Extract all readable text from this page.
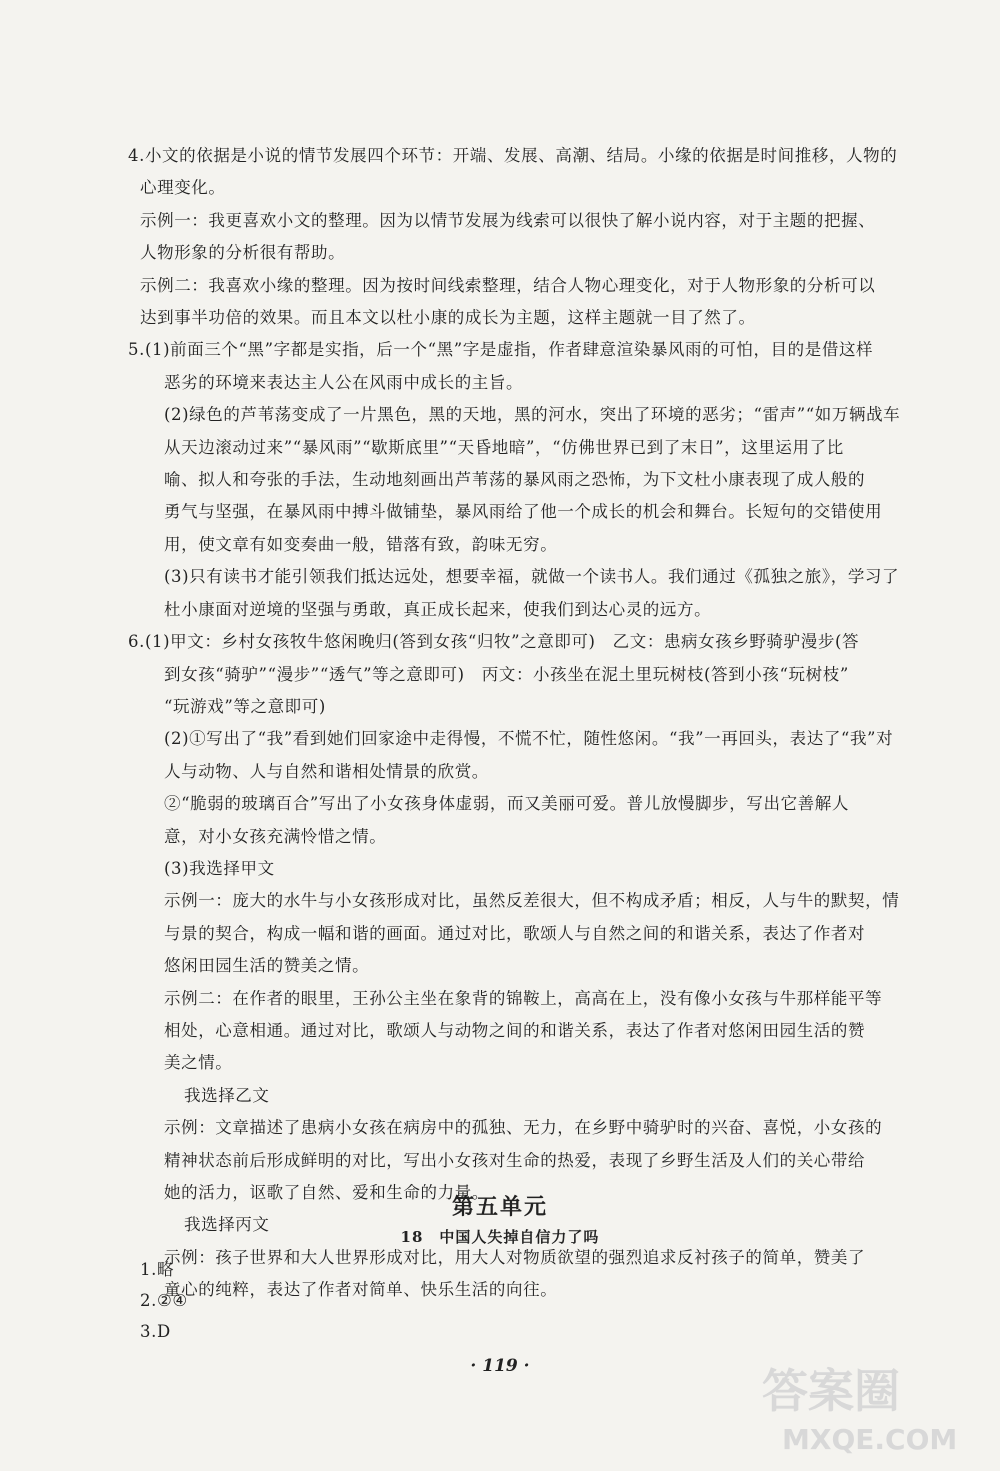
4.小文的依据是小说的情节发展四个环节：开端、发展、高潮、结局。小缘的依据是时间推移，人物的
心理变化。
示例一：我更喜欢小文的整理。因为以情节发展为线索可以很快了解小说内容，对于主题的把握、
人物形象的分析很有帮助。
示例二：我喜欢小缘的整理。因为按时间线索整理，结合人物心理变化，对于人物形象的分析可以
达到事半功倍的效果。而且本文以杜小康的成长为主题，这样主题就一目了然了。
5.(1)前面三个“黑”字都是实指，后一个“黑”字是虚指，作者肆意渲染暴风雨的可怕，目的是借这样
恶劣的环境来表达主人公在风雨中成长的主旨。
(2)绿色的芦苇荡变成了一片黑色，黑的天地，黑的河水，突出了环境的恶劣；“雷声”“如万辆战车
从天边滚动过来”“暴风雨”“歇斯底里”“天昏地暗”，“仿佛世界已到了末日”，这里运用了比
喻、拟人和夸张的手法，生动地刻画出芦苇荡的暴风雨之恐怖，为下文杜小康表现了成人般的
勇气与坚强，在暴风雨中搏斗做铺垫，暴风雨给了他一个成长的机会和舞台。长短句的交错使用
用，使文章有如变奏曲一般，错落有致，韵味无穷。
(3)只有读书才能引领我们抵达远处，想要幸福，就做一个读书人。我们通过《孤独之旅》，学习了
杜小康面对逆境的坚强与勇敢，真正成长起来，使我们到达心灵的远方。
6.(1)甲文：乡村女孩牧牛悠闲晚归(答到女孩“归牧”之意即可)　乙文：患病女孩乡野骑驴漫步(答
到女孩“骑驴”“漫步”“透气”等之意即可)　丙文：小孩坐在泥土里玩树枝(答到小孩“玩树枝”
“玩游戏”等之意即可)
(2)①写出了“我”看到她们回家途中走得慢，不慌不忙，随性悠闲。“我”一再回头，表达了“我”对
人与动物、人与自然和谐相处情景的欣赏。
②“脆弱的玻璃百合”写出了小女孩身体虚弱，而又美丽可爱。普儿放慢脚步，写出它善解人
意，对小女孩充满怜惜之情。
(3)我选择甲文
示例一：庞大的水牛与小女孩形成对比，虽然反差很大，但不构成矛盾；相反，人与牛的默契，情
与景的契合，构成一幅和谐的画面。通过对比，歌颂人与自然之间的和谐关系，表达了作者对
悠闲田园生活的赞美之情。
示例二：在作者的眼里，王孙公主坐在象背的锦鞍上，高高在上，没有像小女孩与牛那样能平等
相处，心意相通。通过对比，歌颂人与动物之间的和谐关系，表达了作者对悠闲田园生活的赞
美之情。
我选择乙文
示例：文章描述了患病小女孩在病房中的孤独、无力，在乡野中骑驴时的兴奋、喜悦，小女孩的
精神状态前后形成鲜明的对比，写出小女孩对生命的热爱，表现了乡野生活及人们的关心带给
她的活力，讴歌了自然、爱和生命的力量。
我选择丙文
示例：孩子世界和大人世界形成对比，用大人对物质欲望的强烈追求反衬孩子的简单，赞美了
童心的纯粹，表达了作者对简单、快乐生活的向往。
第五单元
18　中国人失掉自信力了吗
1.略
2.②④
3.D
· 119 ·	答案圈
MXQE.COM
